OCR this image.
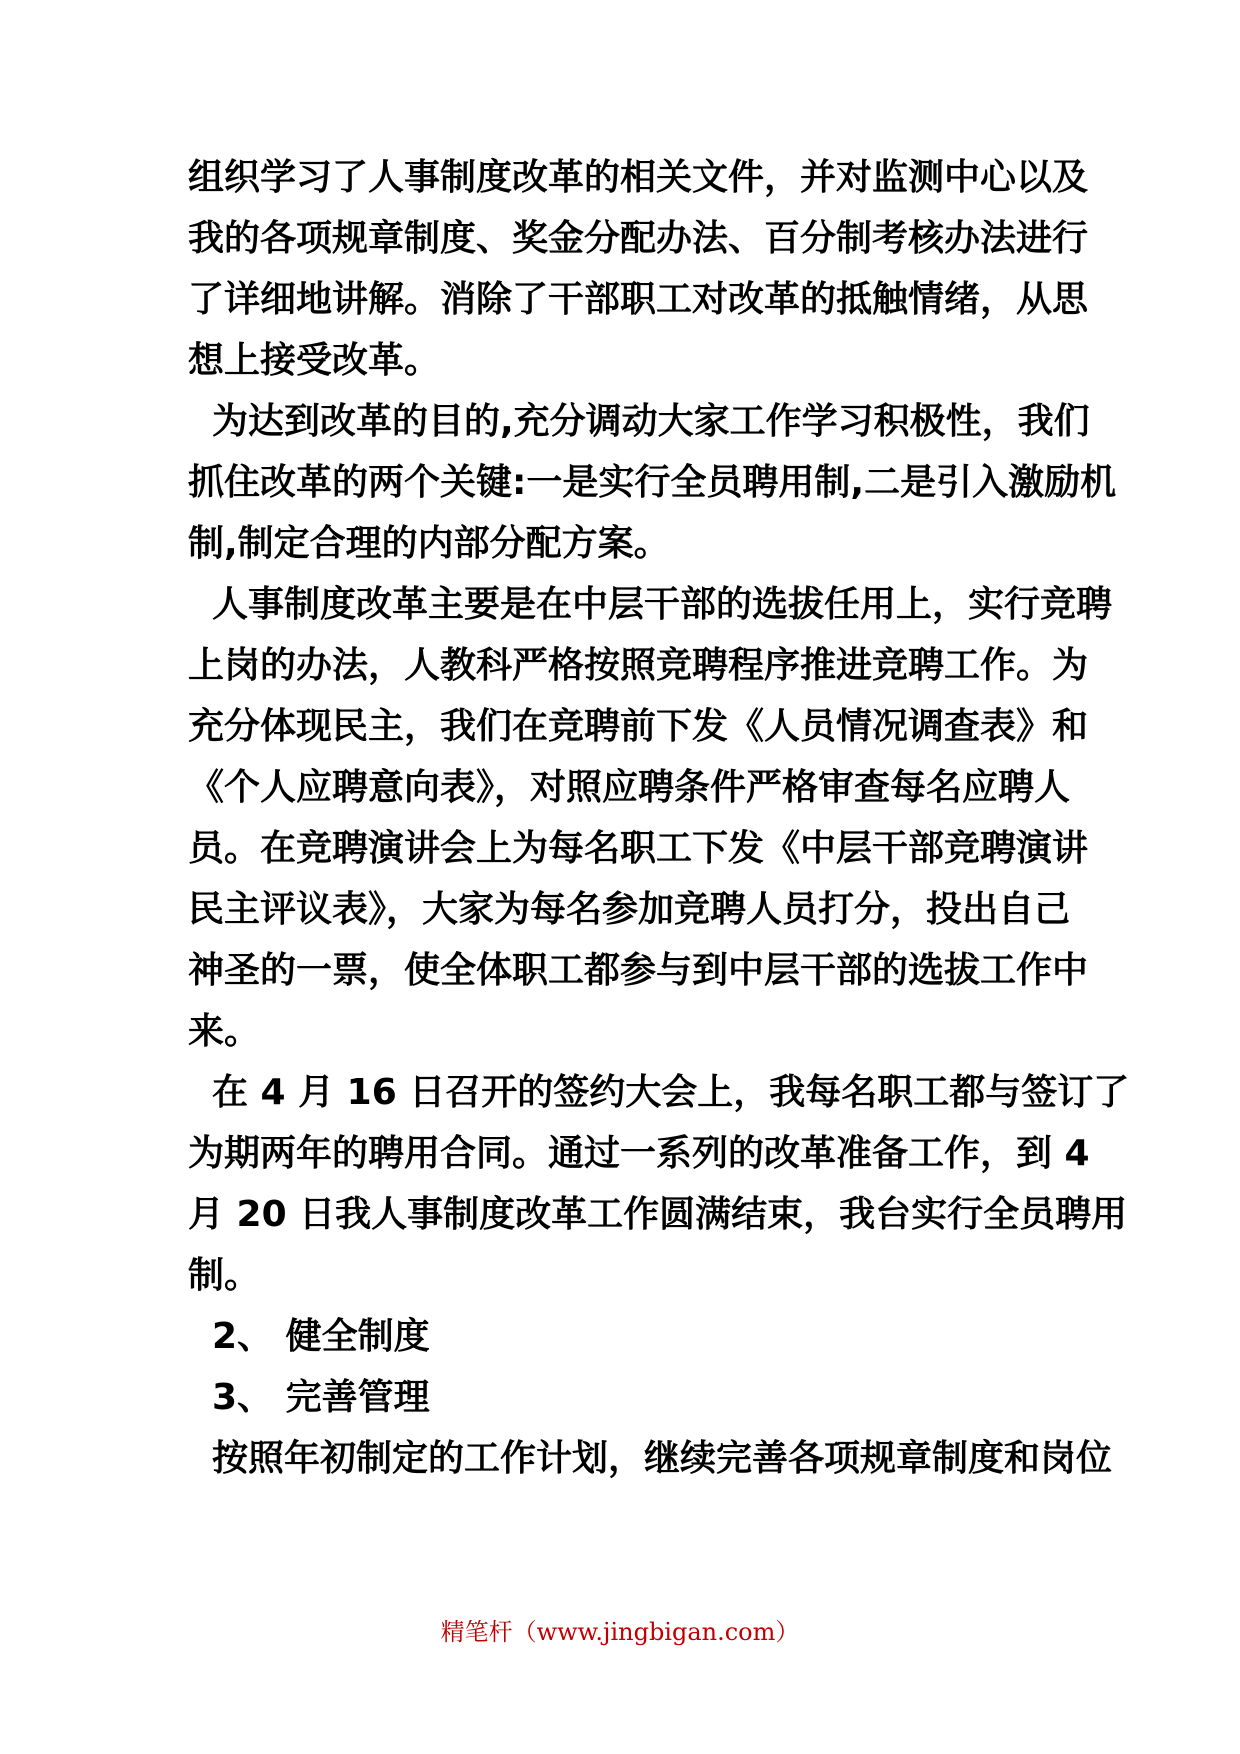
组织学习了人事制度改革的相关文件，并对监测中心以及

我的各项规章制度、奖金分配办法、百分制考核办法进行

了详细地讲解。消除了干部职工对改革的抵触情绪，从思

想上接受改革。

为达到改革的目的,充分调动大家工作学习积极性，我们

抓住改革的两个关键:一是实行全员聘用制,二是引入激励机

制,制定合理的内部分配方案。

人事制度改革主要是在中层干部的选拔任用上，实行竞聘

上岗的办法，人教科严格按照竞聘程序推进竞聘工作。为

充分体现民主，我们在竞聘前下发《人员情况调查表》和

《个人应聘意向表》，对照应聘条件严格审查每名应聘人

员。在竞聘演讲会上为每名职工下发《中层干部竞聘演讲

民主评议表》，大家为每名参加竞聘人员打分，投出自己

神圣的一票，使全体职工都参与到中层干部的选拔工作中

来。

在 4 月 16 日召开的签约大会上，我每名职工都与签订了

为期两年的聘用合同。通过一系列的改革准备工作，到 4

月 20 日我人事制度改革工作圆满结束，我台实行全员聘用

制。

2、 健全制度

3、 完善管理

按照年初制定的工作计划，继续完善各项规章制度和岗位

精笔杆（www.jingbigan.com）
